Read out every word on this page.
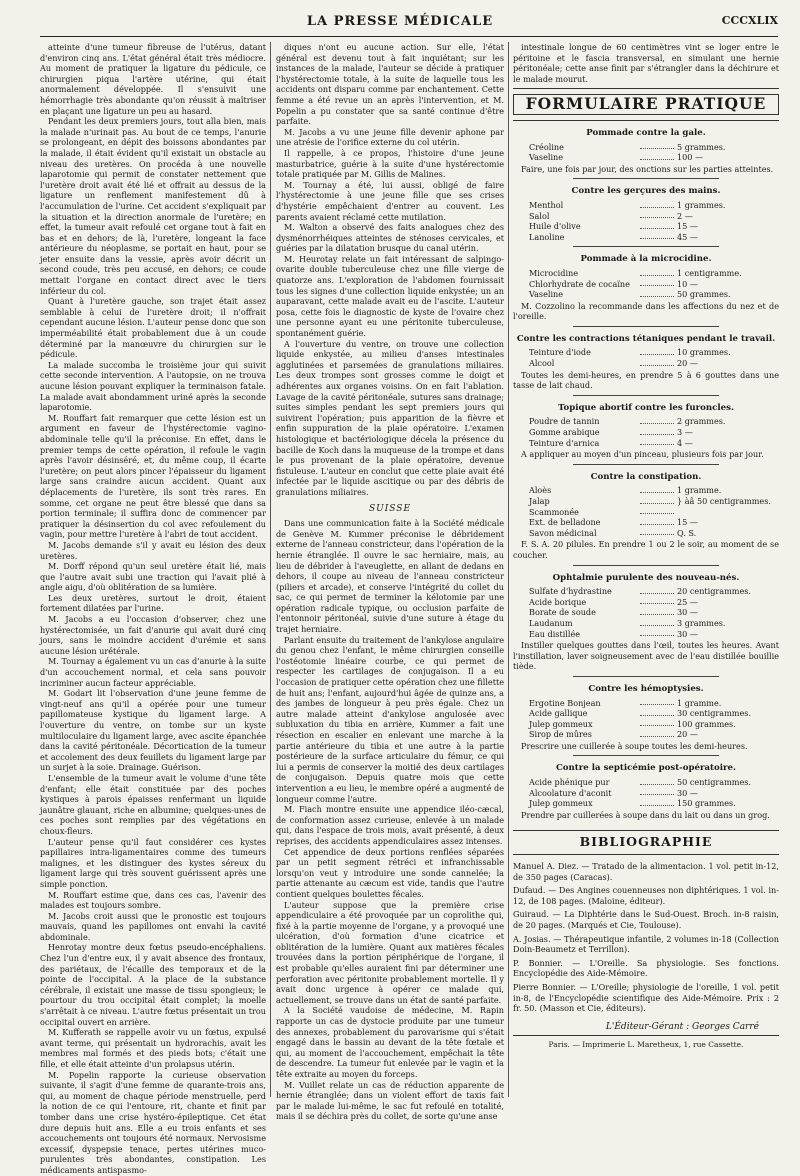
LA PRESSE MÉDICALE	CCCXLIX

atteinte d'une tumeur fibreuse de l'utérus, datant d'environ cinq ans. L'état général était très médiocre. Au moment de pratiquer la ligature du pédicule, ce chirurgien piqua l'artère utérine, qui était anormalement développée. Il s'ensuivit une hémorrhagie très abondante qu'on réussit à maîtriser en plaçant une ligature un peu au hasard.

Pendant les deux premiers jours, tout alla bien, mais la malade n'urinait pas. Au bout de ce temps, l'anurie se prolongeant, en dépit des boissons abondantes par la malade, il était évident qu'il existait un obstacle au niveau des uretères. On procéda à une nouvelle laparotomie qui permit de constater nettement que l'uretère droit avait été lié et offrait au dessus de la ligature un renflement manifestement dû à l'accumulation de l'urine. Cet accident s'expliquait par la situation et la direction anormale de l'uretère; en effet, la tumeur avait refoulé cet organe tout à fait en bas et en dehors; de là, l'uretère, longeant la face antérieure du néoplasme, se portait en haut, pour se jeter ensuite dans la vessie, après avoir décrit un second coude, très peu accusé, en dehors; ce coude mettait l'organe en contact direct avec le tiers inférieur du col.

Quant à l'uretère gauche, son trajet était assez semblable à celui de l'uretère droit; il n'offrait cependant aucune lésion. L'auteur pense donc que son imperméabilité était probablement due à un coude déterminé par la manœuvre du chirurgien sur le pédicule.

La malade succomba le troisième jour qui suivit cette seconde intervention. A l'autopsie, on ne trouva aucune lésion pouvant expliquer la terminaison fatale. La malade avait abondamment uriné après la seconde laparotomie.

M. Rouffart fait remarquer que cette lésion est un argument en faveur de l'hystérectomie vagino-abdominale telle qu'il la préconise. En effet, dans le premier temps de cette opération, il refoule le vagin après l'avoir désinséré, et, du même coup, il écarte l'uretère; on peut alors pincer l'épaisseur du ligament large sans craindre aucun accident. Quant aux déplacements de l'uretère, ils sont très rares. En somme, cet organe ne peut être blessé que dans sa portion terminale; il suffira donc de commencer par pratiquer la désinsertion du col avec refoulement du vagin, pour mettre l'uretère à l'abri de tout accident.

M. Jacobs demande s'il y avait eu lésion des deux uretères.

M. Dorff répond qu'un seul uretère était lié, mais que l'autre avait subi une traction qui l'avait plié à angle aigu, d'où oblitération de sa lumière.

Les deux uretères, surtout le droit, étaient fortement dilatées par l'urine.

M. Jacobs a eu l'occasion d'observer, chez une hystérectomisée, un fait d'anurie qui avait duré cinq jours, sans le moindre accident d'urémie et sans aucune lésion urétérale.

M. Tournay a également vu un cas d'anurie à la suite d'un accouchement normal, et cela sans pouvoir incriminer aucun facteur appréciable.

M. Godart lit l'observation d'une jeune femme de vingt-neuf ans qu'il a opérée pour une tumeur papillomateuse kystique du ligament large. A l'ouverture du ventre, on tombe sur un kyste multiloculaire du ligament large, avec ascite épanchée dans la cavité péritonéale. Décortication de la tumeur et accolement des deux feuillets du ligament large par un surjet à la soie. Drainage. Guérison.

L'ensemble de la tumeur avait le volume d'une tête d'enfant; elle était constituée par des poches kystiques à parois épaisses renfermant un liquide jaunâtre glauant, riche en albumine; quelques-unes de ces poches sont remplies par des végétations en choux-fleurs.

L'auteur pense qu'il faut considérer ces kystes papillaires intra-ligamentaires comme des tumeurs malignes, et les distinguer des kystes séreux du ligament large qui très souvent guérissent après une simple ponction.

M. Rouffart estime que, dans ces cas, l'avenir des malades est toujours sombre.

M. Jacobs croit aussi que le pronostic est toujours mauvais, quand les papillomes ont envahi la cavité abdominale.

Henrotay montre deux fœtus pseudo-encéphaliens. Chez l'un d'entre eux, il y avait absence des frontaux, des pariétaux, de l'écaille des temporaux et de la pointe de l'occipital. A la place de la substance cérébrale, il existait une masse de tissu spongieux; le pourtour du trou occipital était complet; la moelle s'arrêtait à ce niveau. L'autre fœtus présentait un trou occipital ouvert en arrière.

M. Kufferath se rappelle avoir vu un fœtus, expulsé avant terme, qui présentait un hydrorachis, avait les membres mal formés et des pieds bots; c'était une fille, et elle était atteinte d'un prolapsus utérin.

M. Popelin rapporte la curieuse observation suivante, il s'agit d'une femme de quarante-trois ans, qui, au moment de chaque période menstruelle, perd la notion de ce qui l'entoure, rit, chante et finit par tomber dans une crise hystéro-épileptique. Cet état dure depuis huit ans. Elle a eu trois enfants et ses accouchements ont toujours été normaux. Nervosisme excessif, dyspepsie tenace, pertes utérines muco-purulentes très abondantes, constipation. Les médicaments antispasmo-

diques n'ont eu aucune action. Sur elle, l'état général est devenu tout à fait inquiétant; sur les instances de la malade, l'auteur se décide à pratiquer l'hystérectomie totale, à la suite de laquelle tous les accidents ont disparu comme par enchantement. Cette femme a été revue un an après l'intervention, et M. Popelin a pu constater que sa santé continue d'être parfaite.

M. Jacobs a vu une jeune fille devenir aphone par une atrésie de l'orifice externe du col utérin.

Il rappelle, à ce propos, l'histoire d'une jeune masturbatrice, guérie à la suite d'une hystérectomie totale pratiquée par M. Gillis de Malines.

M. Tournay a été, lui aussi, obligé de faire l'hystérectomie à une jeune fille que ses crises d'hystérie empêchaient d'entrer au couvent. Les parents avaient réclamé cette mutilation.

M. Walton a observé des faits analogues chez des dysménorrhéiques atteintes de sténoses cervicales, et guéries par la dilatation brusque du canal utérin.

M. Heurotay relate un fait intéressant de salpingo-ovarite double tuberculeuse chez une fille vierge de quatorze ans. L'exploration de l'abdomen fournissait tous les signes d'une collection liquide enkystée; un an auparavant, cette malade avait eu de l'ascite. L'auteur posa, cette fois le diagnostic de kyste de l'ovaire chez une personne ayant eu une péritonite tuberculeuse, spontanément guérie.

A l'ouverture du ventre, on trouve une collection liquide enkystée, au milieu d'anses intestinales agglutinées et parsemées de granulations miliaires. Les deux trompes sont grosses comme le doigt et adhérentes aux organes voisins. On en fait l'ablation. Lavage de la cavité péritonéale, sutures sans drainage; suites simples pendant les sept premiers jours qui suivirent l'opération; puis apparition de la fièvre et enfin suppuration de la plaie opératoire. L'examen histologique et bactériologique décela la présence du bacille de Koch dans la muqueuse de la trompe et dans le pus provenant de la plaie opératoire, devenue fistuleuse. L'auteur en conclut que cette plaie avait été infectée par le liquide ascitique ou par des débris de granulations miliaires.

SUISSE

Dans une communication faite à la Société médicale de Genève M. Kummer préconise le débridement externe de l'anneau constricteur, dans l'opération de la hernie étranglée. Il ouvre le sac herniaire, mais, au lieu de débrider à l'aveuglette, en allant de dedans en dehors, il coupe au niveau de l'anneau constricteur (piliers et arcade), et conserve l'intégrité du collet du sac, ce qui permet de terminer la kélotomie par une opération radicale typique, ou occlusion parfaite de l'entonnoir péritonéal, suivie d'une suture à étage du trajet herniaire.

Parlant ensuite du traitement de l'ankylose angulaire du genou chez l'enfant, le même chirurgien conseille l'ostéotomie linéaire courbe, ce qui permet de respecter les cartilages de conjugaison. Il a eu l'occasion de pratiquer cette opération chez une fillette de huit ans; l'enfant, aujourd'hui âgée de quinze ans, a des jambes de longueur à peu près égale. Chez un autre malade atteint d'ankylose angulosée avec subluxation du tibia en arrière, Kummer a fait une résection en escalier en enlevant une marche à la partie antérieure du tibia et une autre à la partie postérieure de la surface articulaire du fémur, ce qui lui a permis de conserver la moitié des deux cartilages de conjugaison. Depuis quatre mois que cette intervention a eu lieu, le membre opéré a augmenté de longueur comme l'autre.

M. Fiach montre ensuite une appendice iléo-cæcal, de conformation assez curieuse, enlevée à un malade qui, dans l'espace de trois mois, avait présenté, à deux reprises, des accidents appendiculaires assez intenses.

Cet appendice de deux portions renflées séparées par un petit segment rétréci et infranchissable lorsqu'on veut y introduire une sonde cannelée; la partie attenante au cæcum est vide, tandis que l'autre contient quelques boulettes fécales.

L'auteur suppose que la première crise appendiculaire a été provoquée par un coprolithe qui, fixé à la partie moyenne de l'organe, y a provoqué une ulcération, d'où formation d'une cicatrice et oblitération de la lumière. Quant aux matières fécales trouvées dans la portion périphérique de l'organe, il est probable qu'elles auraient fini par déterminer une perforation avec péritonite probablement mortelle. Il y avait donc urgence à opérer ce malade qui, actuellement, se trouve dans un état de santé parfaite.

A la Société vaudoise de médecine, M. Rapin rapporte un cas de dystocie produite par une tumeur des annexes, probablement du parovarisme qui s'était engagé dans le bassin au devant de la tête fœtale et qui, au moment de l'accouchement, empêchait la tête de descendre. La tumeur fut enlevée par le vagin et la tête extraite au moyen du forceps.

M. Vuillet relate un cas de réduction apparente de hernie étranglée; dans un violent effort de taxis fait par le malade lui-même, le sac fut refoulé en totalité, mais il se déchira près du collet, de sorte qu'une anse

intestinale longue de 60 centimètres vint se loger entre le péritoine et le fascia transversal, en simulant une hernie péritonéale; cette anse finit par s'étrangler dans la déchirure et le malade mourut.

FORMULAIRE PRATIQUE
Pommade contre la gale.
Créoline	5 grammes.
Vaseline	100 —
Faire, une fois par jour, des onctions sur les parties atteintes.
Contre les gerçures des mains.
Menthol	1 grammes.
Salol	2 —
Huile d'olive	15 —
Lanoline	45 —
Pommade à la microcidine.
Microcidine	1 centigramme.
Chlorhydrate de cocaïne	10 —
Vaseline	50 grammes.
M. Cozzolino la recommande dans les affections du nez et de l'oreille.
Contre les contractions tétaniques pendant le travail.
Teinture d'iode	10 grammes.
Alcool	20 —
Toutes les demi-heures, en prendre 5 à 6 gouttes dans une tasse de lait chaud.
Topique abortif contre les furoncles.
Poudre de tannin	2 grammes.
Gomme arabique	3 —
Teinture d'arnica	4 —
A appliquer au moyen d'un pinceau, plusieurs fois par jour.
Contre la constipation.
Aloès	1 gramme.
Jalap	} àâ 50 centigrammes.
Scammonée
Ext. de belladone	15 —
Savon médicinal	Q. S.
F. S. A. 20 pilules. En prendre 1 ou 2 le soir, au moment de se coucher.
Ophtalmie purulente des nouveau-nés.
Sulfate d'hydrastine	20 centigrammes.
Acide borique	25 —
Borate de soude	30 —
Laudanum	3 grammes.
Eau distillée	30 —
Instiller quelques gouttes dans l'œil, toutes les heures. Avant l'instillation, laver soigneusement avec de l'eau distillée bouillie tiède.
Contre les hémoptysies.
Ergotine Bonjean	1 gramme.
Acide gallique	30 centigrammes.
Julep gommeux	100 grammes.
Sirop de mûres	20 —
Prescrire une cuillerée à soupe toutes les demi-heures.
Contre la septicémie post-opératoire.
Acide phénique pur	50 centigrammes.
Alcoolature d'aconit	30 —
Julep gommeux	150 grammes.
Prendre par cuillerées à soupe dans du lait ou dans un grog.
BIBLIOGRAPHIE
Manuel A. Diez. — Tratado de la alimentacion. 1 vol. petit in-12, de 350 pages (Caracas).
Dufaud. — Des Angines couenneuses non diphtériques. 1 vol. in-12, de 108 pages. (Maloine, éditeur).
Guiraud. — La Diphtérie dans le Sud-Ouest. Broch. in-8 raisin, de 20 pages. (Marqués et Cie, Toulouse).
A. Josias. — Thérapeutique infantile, 2 volumes in-18 (Collection Doin-Beaumetz et Terrillon).
P. Bonnier. — L'Oreille. Sa physiologie. Ses fonctions. Encyclopédie des Aide-Mémoire.
Pierre Bonnier. — L'Oreille; physiologie de l'oreille, 1 vol. petit in-8, de l'Encyclopédie scientifique des Aide-Mémoire. Prix : 2 fr. 50. (Masson et Cie, éditeurs).
L'Éditeur-Gérant : Georges Carré
Paris. — Imprimerie L. Maretheux, 1, rue Cassette.
